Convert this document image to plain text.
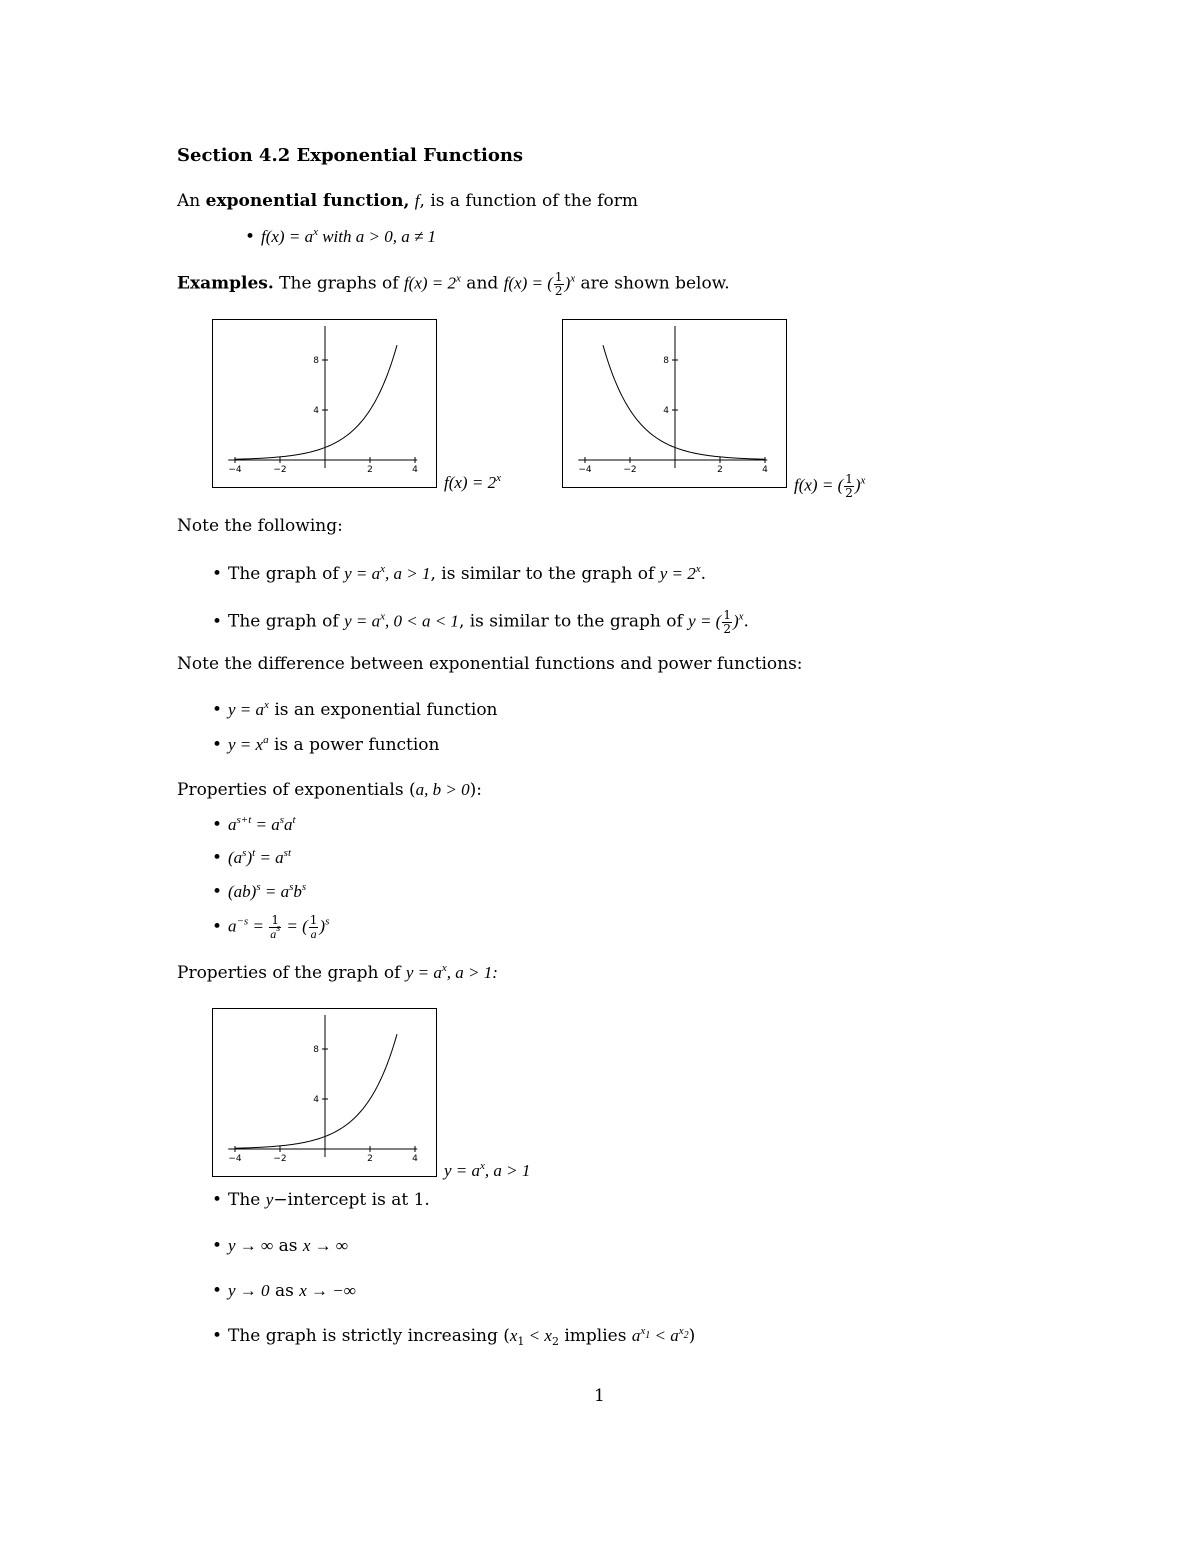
Section 4.2 Exponential Functions
An exponential function, f, is a function of the form
• $f(x) = a^x$ with a > 0, a ≠ 1
Examples. The graphs of $f(x) = 2^x$ and f(x) = ( $\frac{1}{2} )^x$ are shown below.
−4	−2	2	4
8
4
$f(x) = 2^x$
−4	−2	2	4
8
4
f(x) = ( $\frac{1}{2} )^x$
Note the following:
• The graph of $y = a^x$, a > 1, is similar to the graph of $y = 2^x$.
• The graph of $y = a^x$, 0 < a < 1, is similar to the graph of y = ( $\frac{1}{2} )^x$.
Note the difference between exponential functions and power functions:
• $y = a^x$ is an exponential function
• $y = x^a$ is a power function
Properties of exponentials (a, b > 0):
• $a^{s+t} = a^sa^t$
• $(a^s)^t = a^{st}$
• $(ab)^s = a^sb^s$
• $a^{-s} = \frac{1}{a^s}$ = ( $\frac{1}{a} )^s$
Properties of the graph of $y = a^x$, a > 1:
−4	−2	2	4
8
4
$y = a^x$, a > 1
• The y−intercept is at 1.
• y → ∞ as x → ∞
• y → 0 as x → −∞
• The graph is strictly increasing ($x_1 < x_2$ implies $a^{x_1} < a^{x_2}$)
1
